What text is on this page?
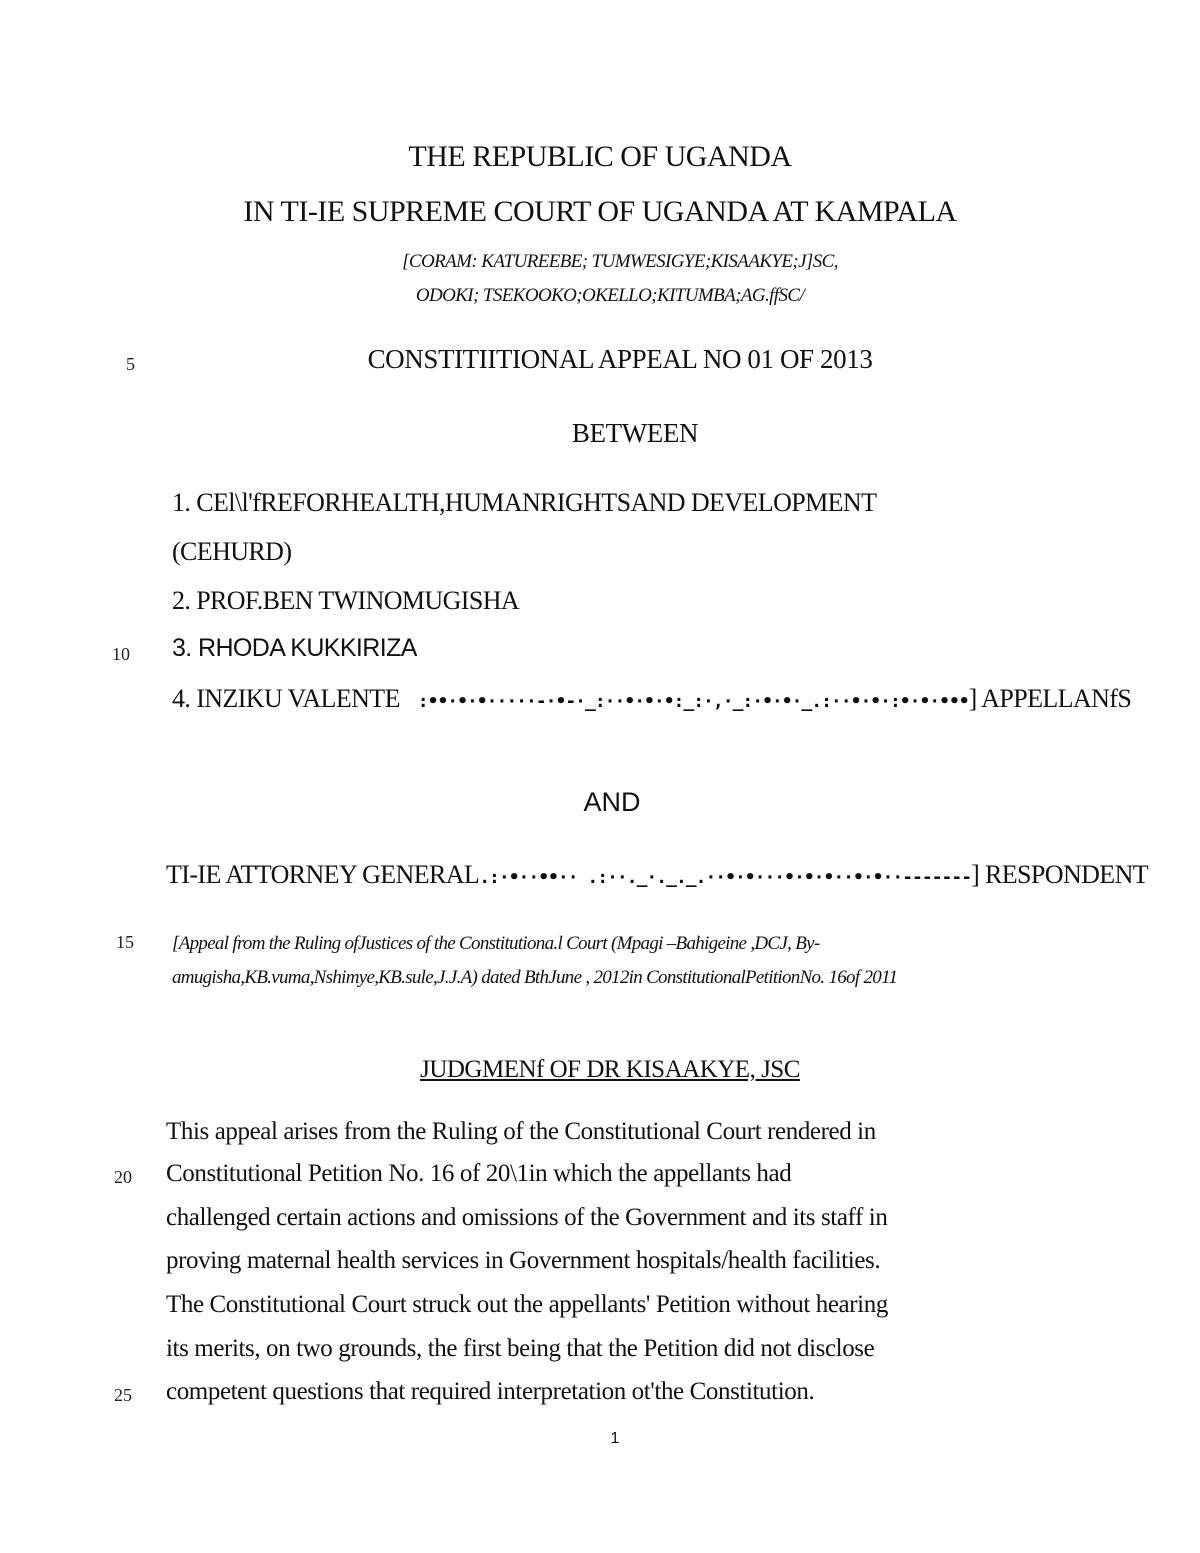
THE REPUBLIC OF UGANDA
IN TI-IE SUPREME COURT OF UGANDA AT KAMPALA
[CORAM: KATUREEBE; TUMWESIGYE;KISAAKYE;J]SC,
ODOKI; TSEKOOKO;OKELLO;KITUMBA;AG.ffSC/
5	CONSTITIITIONAL APPEAL NO 01 OF 2013
BETWEEN
1. CEl\l'fREFORHEALTH,HUMANRIGHTSAND DEVELOPMENT
(CEHURD)
2. PROF.BEN TWINOMUGISHA
10	3. RHODA KUKKIRIZA
4. INZIKU VALENTE :••·•·•·····-·•-·_:··•·•·•:_:·,·_:·•·•·_.:··•·•·:•·•·•••] APPELLANfS
AND
TI-IE ATTORNEY GENERAL.:·•··••·· .:··._·._._.··•·•···•·•·•··•·•··-------] RESPONDENT
15	[Appeal from the Ruling ofJustices of the Constitutiona.l Court (Mpagi –Bahigeine ,DCJ, By-amugisha,KB.vuma,Nshimye,KB.sule,J.J.A) dated BthJune , 2012in ConstitutionalPetitionNo. 16of 2011
JUDGMENf OF DR KISAAKYE, JSC
This appeal arises from the Ruling of the Constitutional Court rendered in
20	Constitutional Petition No. 16 of 20\1in which the appellants had
challenged certain actions and omissions of the Government and its staff in
proving maternal health services in Government hospitals/health facilities.
The Constitutional Court struck out the appellants' Petition without hearing
its merits, on two grounds, the first being that the Petition did not disclose
25	competent questions that required interpretation ot'the Constitution.
1
